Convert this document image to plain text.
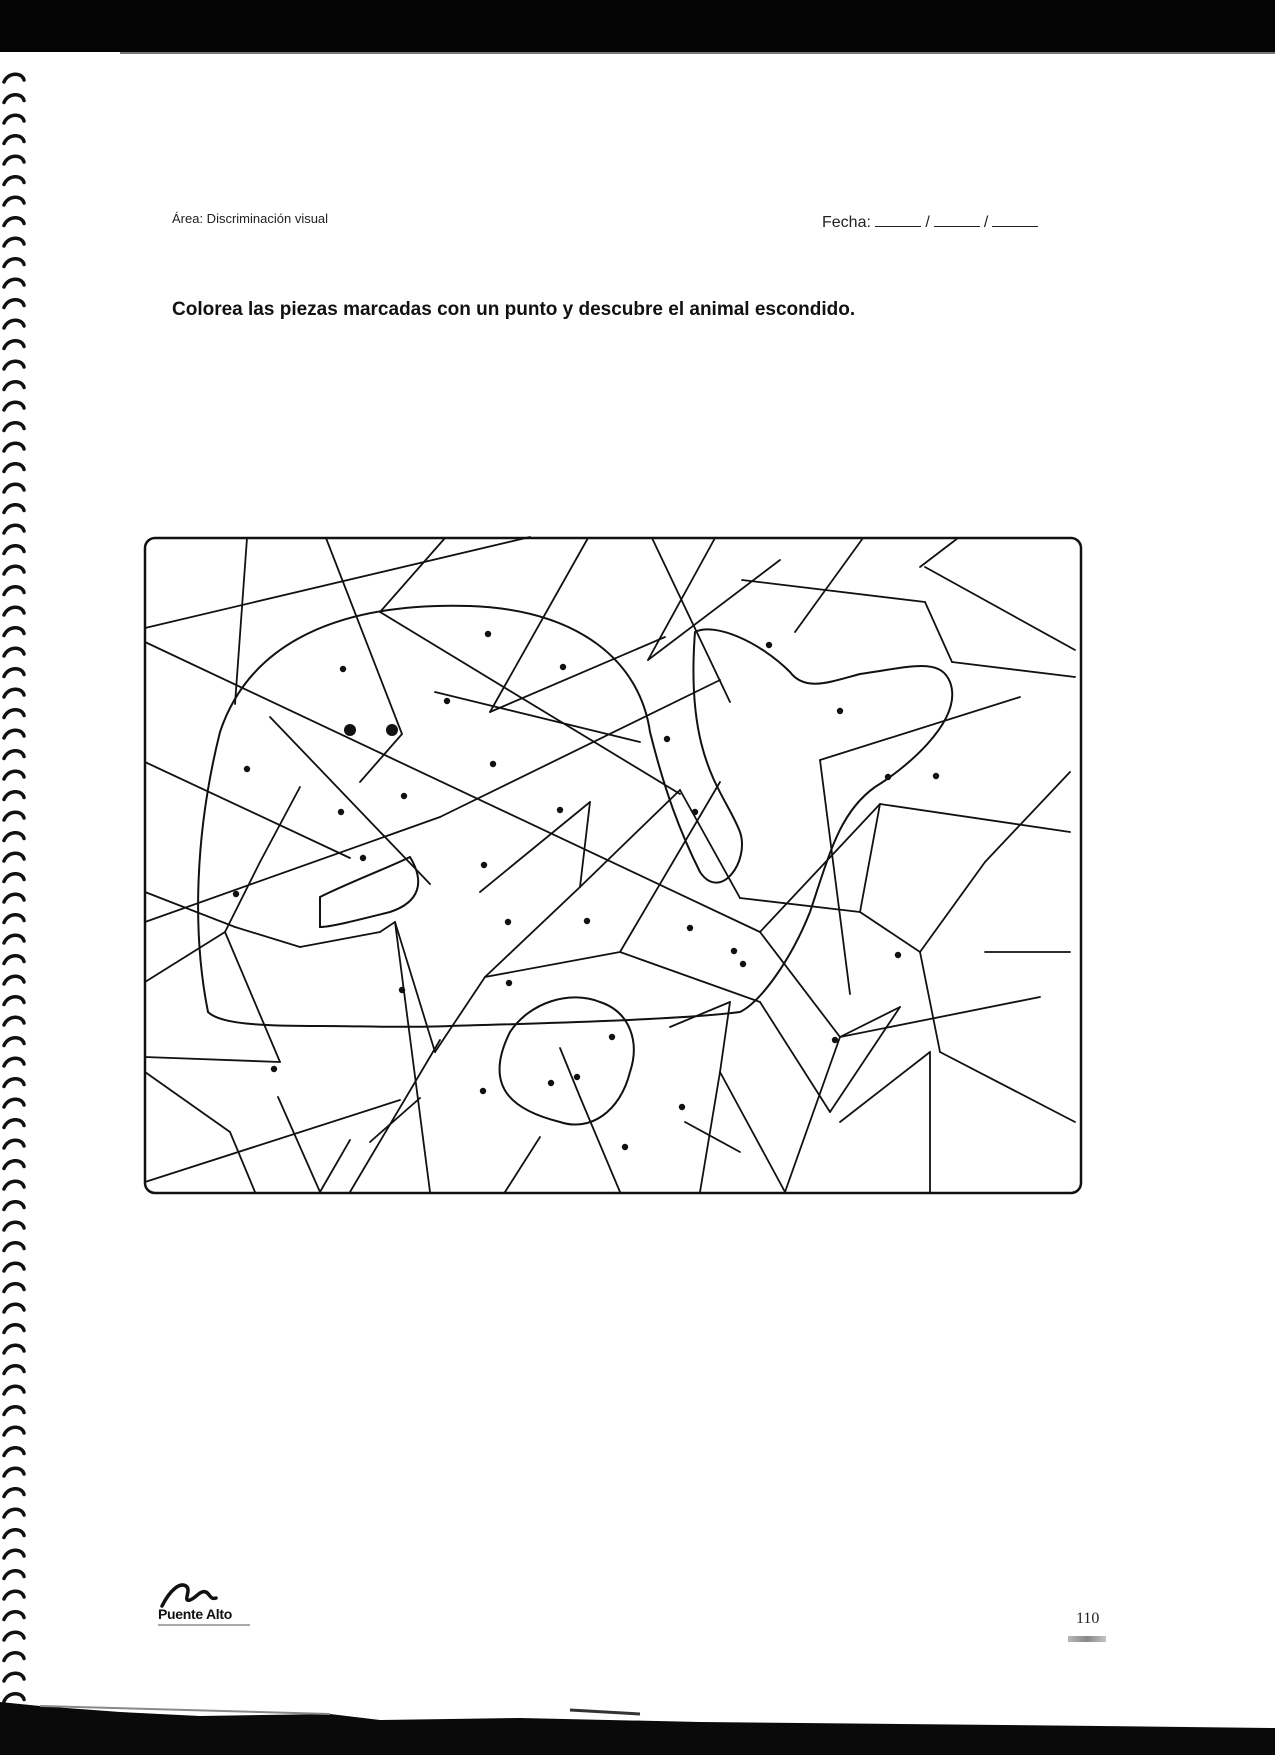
Área: Discriminación visual	Fecha:	/	/
Colorea las piezas marcadas con un punto y descubre el animal escondido.
Puente Alto	110
